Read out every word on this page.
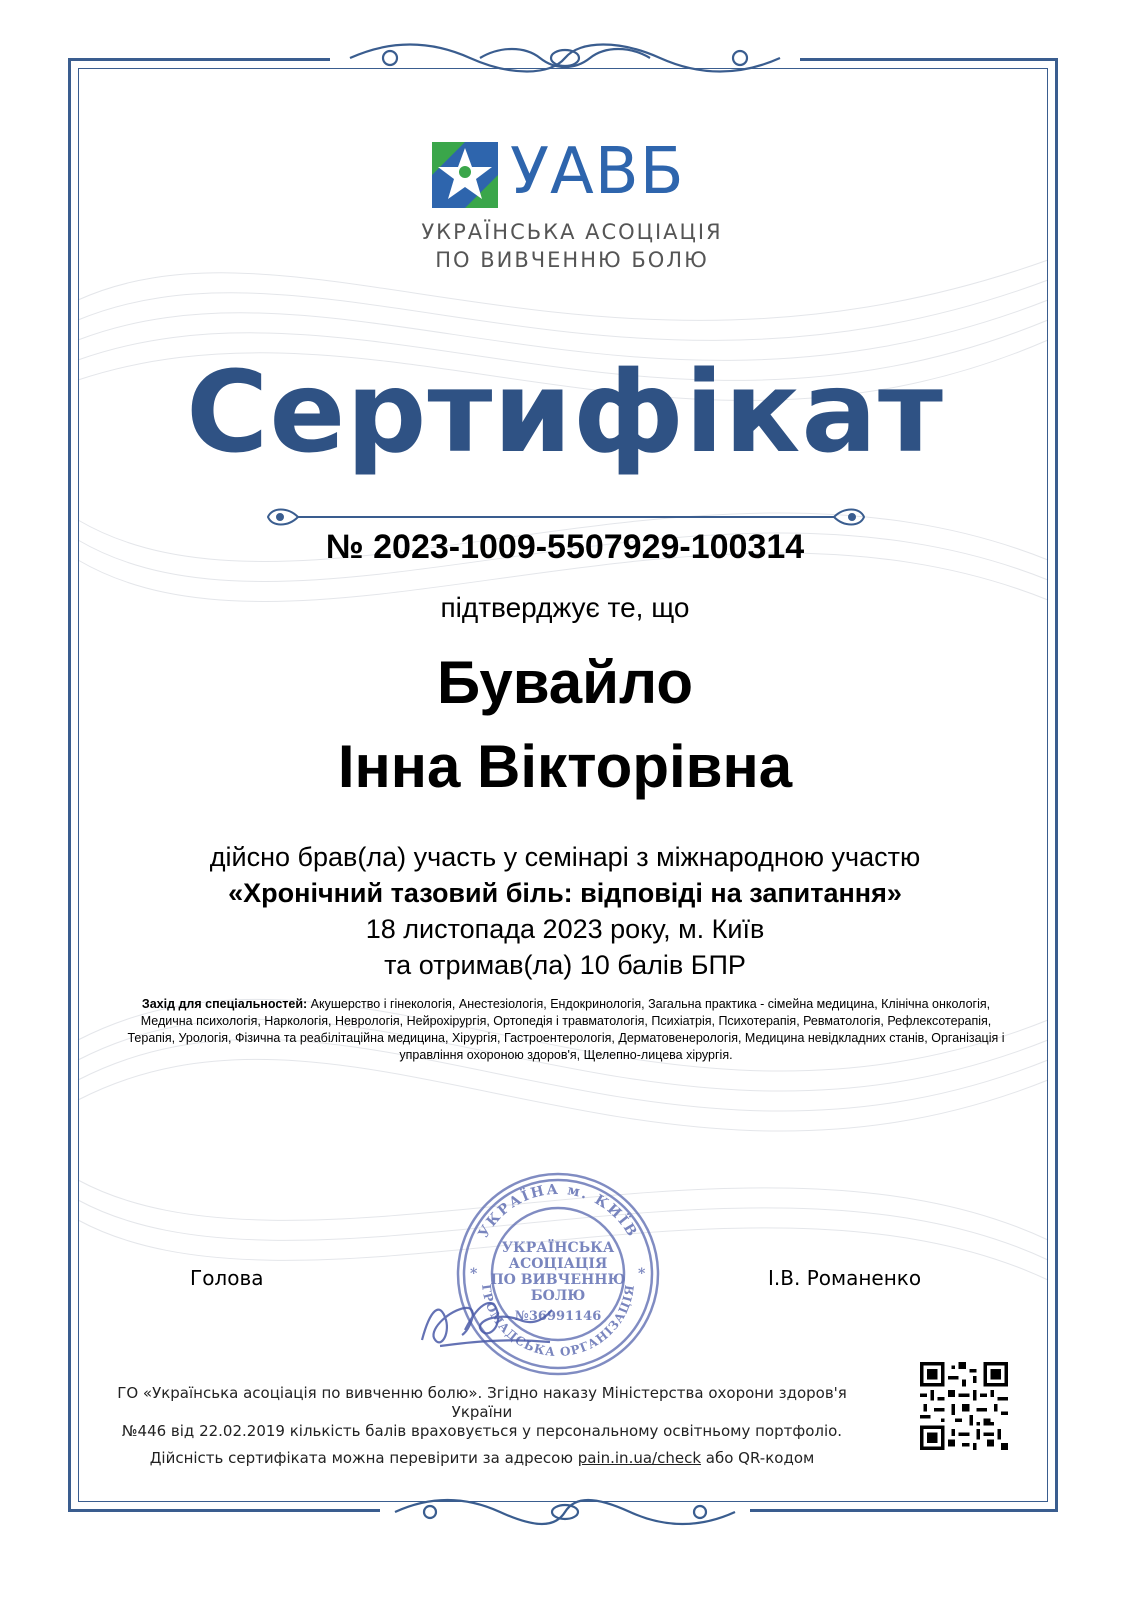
УАВБ
УКРАЇНСЬКА АСОЦІАЦІЯ
ПО ВИВЧЕННЮ БОЛЮ
Сертифікат
№ 2023-1009-5507929-100314
підтверджує те, що
Бувайло
Інна Вікторівна
дійсно брав(ла) участь у семінарі з міжнародною участю
«Хронічний тазовий біль: відповіді на запитання»
18 листопада 2023 року, м. Київ
та отримав(ла) 10 балів БПР
Захід для спеціальностей: Акушерство і гінекологія, Анестезіологія, Ендокринологія, Загальна практика - сімейна медицина, Клінічна онкологія, Медична психологія, Наркологія, Неврологія, Нейрохірургія, Ортопедія і травматологія, Психіатрія, Психотерапія, Ревматологія, Рефлексотерапія, Терапія, Урологія, Фізична та реабілітаційна медицина, Хірургія, Гастроентерологія, Дерматовенерологія, Медицина невідкладних станів, Організація і управління охороною здоров'я, Щелепно-лицева хірургія.
УКРАЇНА м. КИЇВ
ГРОМАДСЬКА ОРГАНІЗАЦІЯ
УКРАЇНСЬКА
АСОЦІАЦІЯ
ПО ВИВЧЕННЮ
БОЛЮ
№36991146
*	*
Голова	І.В. Романенко
ГО «Українська асоціація по вивченню болю». Згідно наказу Міністерства охорони здоров'я України
№446 від 22.02.2019 кількість балів враховується у персональному освітньому портфоліо.
Дійсність сертифіката можна перевірити за адресою pain.in.ua/check або QR-кодом
